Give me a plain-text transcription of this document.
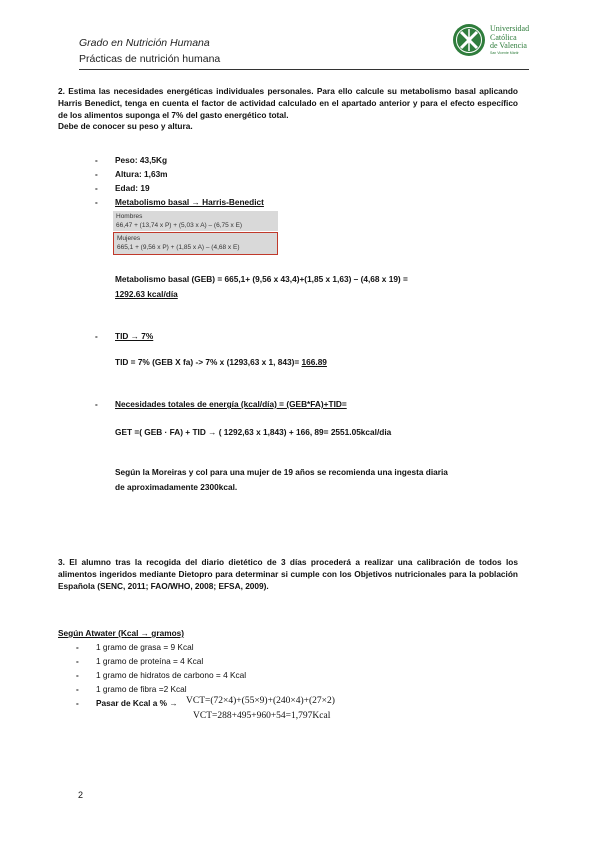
Grado en Nutrición Humana
Prácticas de nutrición humana
Universidad
Católica
de Valencia
San Vicente Mártir
2. Estima las necesidades energéticas individuales personales. Para ello calcule su metabolismo basal aplicando Harris Benedict, tenga en cuenta el factor de actividad calculado en el apartado anterior y para el efecto específico de los alimentos suponga el 7% del gasto energético total.
Debe de conocer su peso y altura.
- Peso: 43,5Kg
- Altura: 1,63m
- Edad: 19
- Metabolismo basal → Harris-Benedict
Hombres
66,47 + (13,74 x P) + (5,03 x A) – (6,75 x E)
Mujeres
665,1 + (9,56 x P) + (1,85 x A) – (4,68 x E)
Metabolismo basal (GEB) = 665,1+ (9,56 x 43,4)+(1,85 x 1,63) – (4,68 x 19) =
1292.63 kcal/día
- TID → 7%
TID = 7% (GEB X fa) -> 7% x (1293,63 x 1, 843)= 166.89
- Necesidades totales de energía (kcal/día) = (GEB*FA)+TID=
GET =( GEB · FA) + TID → ( 1292,63 x 1,843) + 166, 89= 2551.05kcal/dia
Según la Moreiras y col para una mujer de 19 años se recomienda una ingesta diaria
de aproximadamente 2300kcal.
3. El alumno tras la recogida del diario dietético de 3 días procederá a realizar una calibración de todos los alimentos ingeridos mediante Dietopro para determinar si cumple con los Objetivos nutricionales para la población Española (SENC, 2011; FAO/WHO, 2008; EFSA, 2009).
Según Atwater (Kcal → gramos)
- 1 gramo de grasa = 9 Kcal
- 1 gramo de proteína = 4 Kcal
- 1 gramo de hidratos de carbono = 4 Kcal
- 1 gramo de fibra =2 Kcal
- Pasar de Kcal a % → VCT=(72×4)+(55×9)+(240×4)+(27×2)
VCT=288+495+960+54=1,797Kcal
2
